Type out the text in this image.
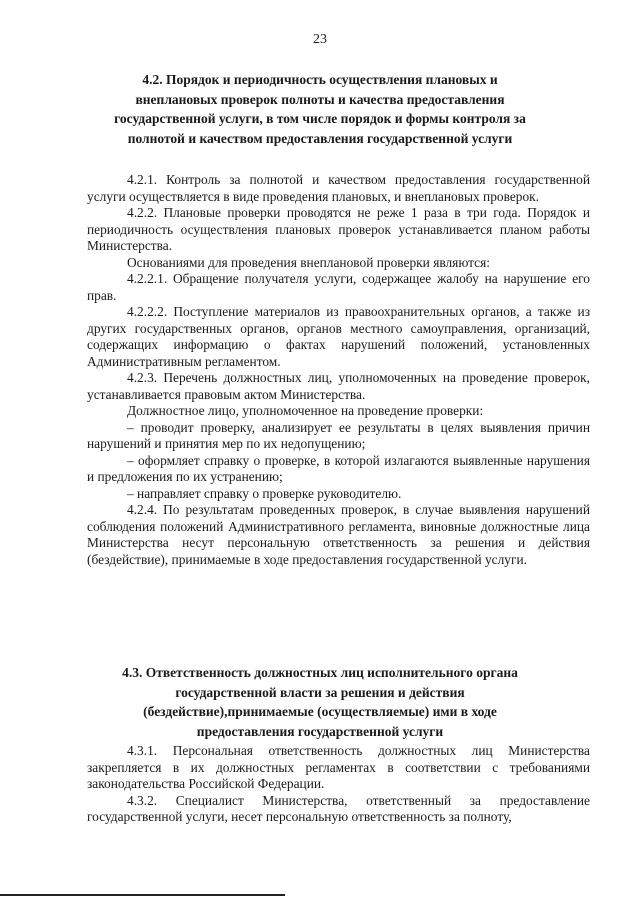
23
4.2. Порядок и периодичность осуществления плановых и внеплановых проверок полноты и качества предоставления государственной услуги, в том числе порядок и формы контроля за полнотой и качеством предоставления государственной услуги

4.2.1. Контроль за полнотой и качеством предоставления государственной услуги осуществляется в виде проведения плановых, и внеплановых проверок.

4.2.2. Плановые проверки проводятся не реже 1 раза в три года. Порядок и периодичность осуществления плановых проверок устанавливается планом работы Министерства.

Основаниями для проведения внеплановой проверки являются:

4.2.2.1. Обращение получателя услуги, содержащее жалобу на нарушение его прав.

4.2.2.2. Поступление материалов из правоохранительных органов, а также из других государственных органов, органов местного самоуправления, организаций, содержащих информацию о фактах нарушений положений, установленных Административным регламентом.

4.2.3. Перечень должностных лиц, уполномоченных на проведение проверок, устанавливается правовым актом Министерства.

Должностное лицо, уполномоченное на проведение проверки:

– проводит проверку, анализирует ее результаты в целях выявления причин нарушений и принятия мер по их недопущению;

– оформляет справку о проверке, в которой излагаются выявленные нарушения и предложения по их устранению;

– направляет справку о проверке руководителю.

4.2.4. По результатам проведенных проверок, в случае выявления нарушений соблюдения положений Административного регламента, виновные должностные лица Министерства несут персональную ответственность за решения и действия (бездействие), принимаемые в ходе предоставления государственной услуги.

4.3. Ответственность должностных лиц исполнительного органа государственной власти за решения и действия (бездействие),принимаемые (осуществляемые) ими в ходе предоставления государственной услуги

4.3.1. Персональная ответственность должностных лиц Министерства закрепляется в их должностных регламентах в соответствии с требованиями законодательства Российской Федерации.

4.3.2. Специалист Министерства, ответственный за предоставление государственной услуги, несет персональную ответственность за полноту,
